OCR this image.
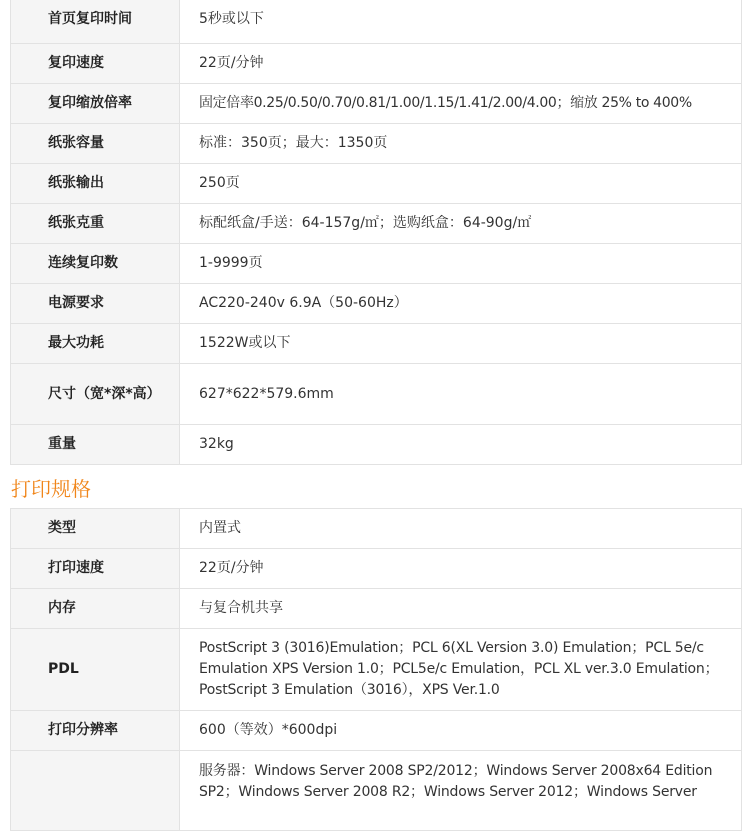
首页复印时间	5秒或以下
复印速度	22页/分钟
复印缩放倍率	固定倍率0.25/0.50/0.70/0.81/1.00/1.15/1.41/2.00/4.00；缩放 25% to 400%
纸张容量	标准：350页；最大：1350页
纸张输出	250页
纸张克重	标配纸盒/手送：64-157g/㎡；选购纸盒：64-90g/㎡
连续复印数	1-9999页
电源要求	AC220-240v 6.9A（50-60Hz）
最大功耗	1522W或以下
尺寸（宽*深*高）	627*622*579.6mm
重量	32kg
打印规格
类型	内置式
打印速度	22页/分钟
内存	与复合机共享
PDL	PostScript 3 (3016)Emulation；PCL 6(XL Version 3.0) Emulation；PCL 5e/c Emulation XPS Version 1.0；PCL5e/c Emulation，PCL XL ver.3.0 Emulation；PostScript 3 Emulation（3016），XPS Ver.1.0
打印分辨率	600（等效）*600dpi
	服务器：Windows Server 2008 SP2/2012；Windows Server 2008x64 Edition SP2；Windows Server 2008 R2；Windows Server 2012；Windows Server
